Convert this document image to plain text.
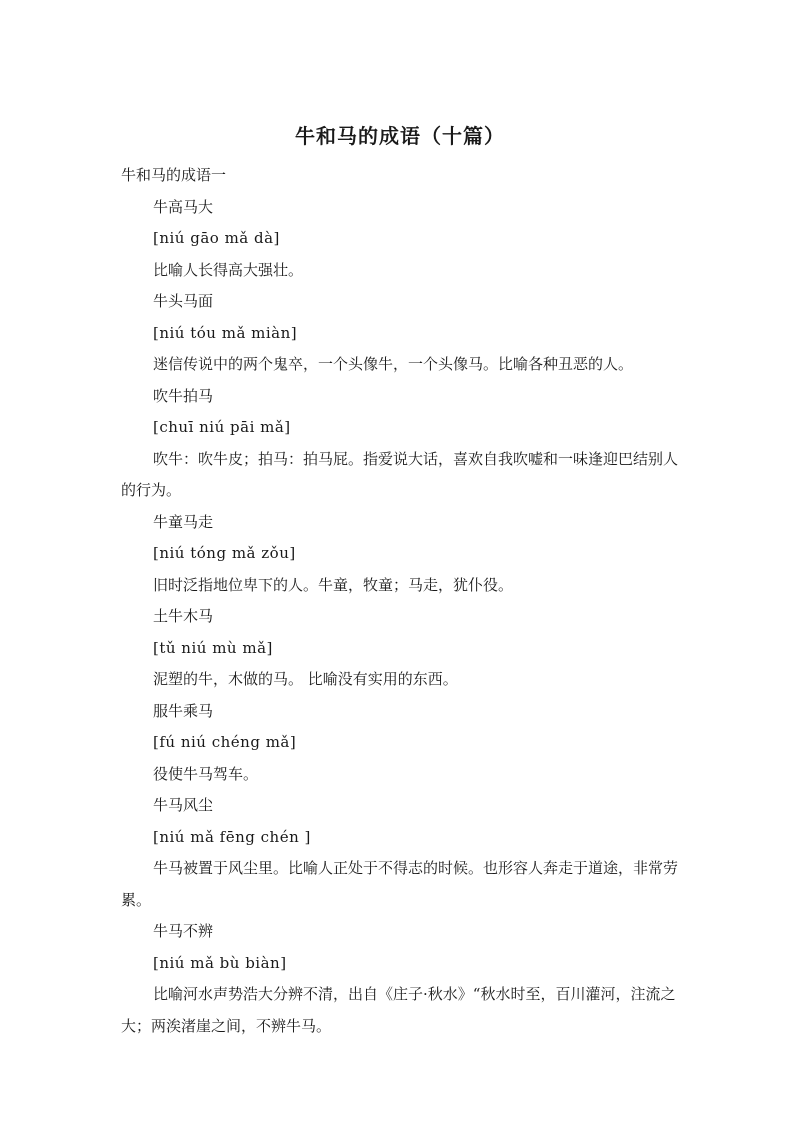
牛和马的成语（十篇）
牛和马的成语一
牛高马大
[niú gāo mǎ dà]
比喻人长得高大强壮。
牛头马面
[niú tóu mǎ miàn]
迷信传说中的两个鬼卒，一个头像牛，一个头像马。比喻各种丑恶的人。
吹牛拍马
[chuī niú pāi mǎ]
吹牛：吹牛皮；拍马：拍马屁。指爱说大话，喜欢自我吹嘘和一味逢迎巴结别人的行为。
牛童马走
[niú tóng mǎ zǒu]
旧时泛指地位卑下的人。牛童，牧童；马走，犹仆役。
土牛木马
[tǔ niú mù mǎ]
泥塑的牛，木做的马。 比喻没有实用的东西。
服牛乘马
[fú niú chéng mǎ]
役使牛马驾车。
牛马风尘
[niú mǎ fēng chén ]
牛马被置于风尘里。比喻人正处于不得志的时候。也形容人奔走于道途，非常劳累。
牛马不辨
[niú mǎ bù biàn]
比喻河水声势浩大分辨不清，出自《庄子·秋水》“秋水时至，百川灌河，注流之大；两涘渚崖之间，不辨牛马。
